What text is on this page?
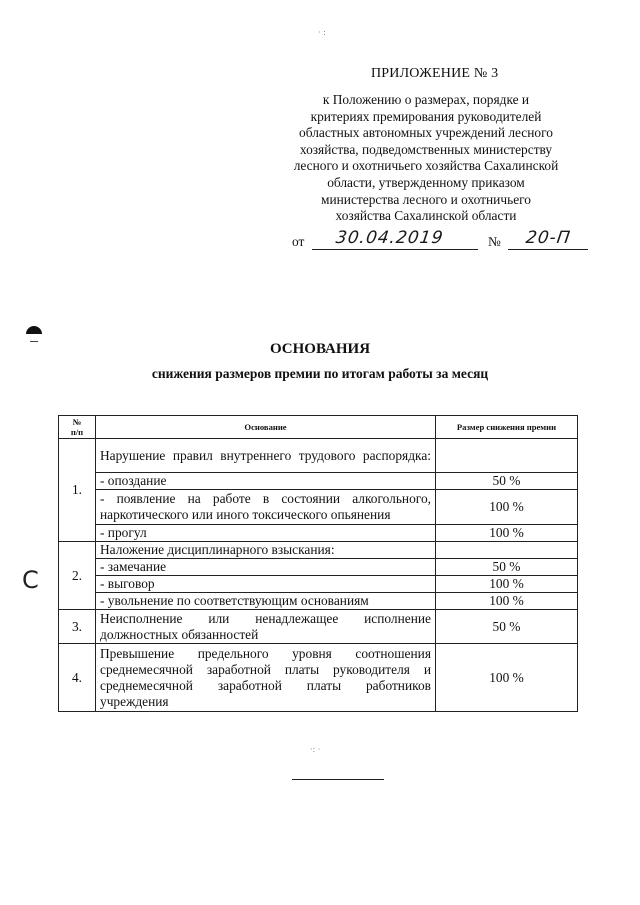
ПРИЛОЖЕНИЕ № 3
к Положению о размерах, порядке и
критериях премирования руководителей
областных автономных учреждений лесного
хозяйства, подведомственных министерству
лесного и охотничьего хозяйства Сахалинской
области, утвержденному приказом
министерства лесного и охотничьего
хозяйства Сахалинской области
от 30.04.2019	№ 20-П
C
· :
·: ·
ОСНОВАНИЯ
снижения размеров премии по итогам работы за месяц
№
п/п	Основание	Размер снижения премии
1.	Нарушение правил внутреннего трудового распорядка:	
	- опоздание	50 %
	- появление на работе в состоянии алкогольного, наркотического или иного токсического опьянения	100 %
	- прогул	100 %
2.	Наложение дисциплинарного взыскания:	
	- замечание	50 %
	- выговор	100 %
	- увольнение по соответствующим основаниям	100 %
3.	Неисполнение или ненадлежащее исполнение должностных обязанностей	50 %
4.	Превышение предельного уровня соотношения среднемесячной заработной платы руководителя и среднемесячной заработной платы работников учреждения	100 %
